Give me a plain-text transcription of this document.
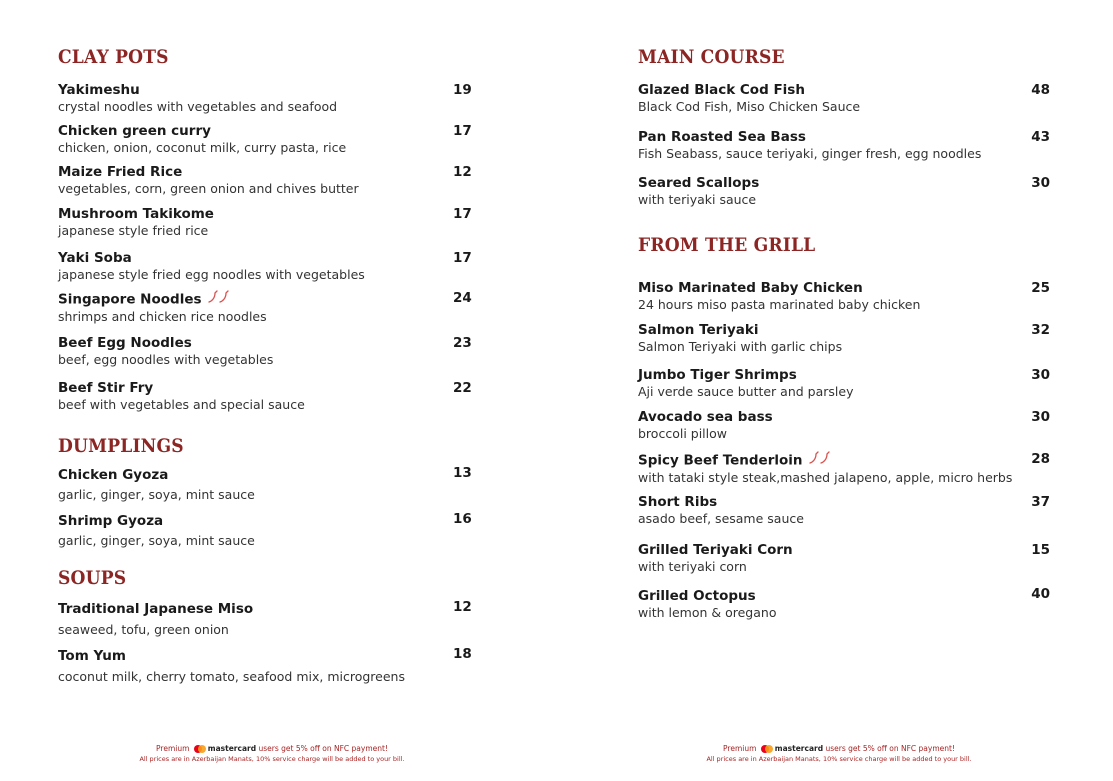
CLAY POTS
Yakimeshu
crystal noodles with vegetables and seafood
19
Chicken green curry
chicken, onion, coconut milk, curry pasta, rice
17
Maize Fried Rice
vegetables, corn, green onion and chives butter
12
Mushroom Takikome
japanese style fried rice
17
Yaki Soba
japanese style fried egg noodles with vegetables
17
Singapore Noodles
shrimps and chicken rice noodles
24
Beef Egg Noodles
beef, egg noodles with vegetables
23
Beef Stir Fry
beef with vegetables and special sauce
22
DUMPLINGS
Chicken Gyoza
garlic, ginger, soya, mint sauce
13
Shrimp Gyoza
garlic, ginger, soya, mint sauce
16
SOUPS
Traditional Japanese Miso
seaweed, tofu, green onion
12
Tom Yum
coconut milk, cherry tomato, seafood mix, microgreens
18
MAIN COURSE
Glazed Black Cod Fish
Black Cod Fish, Miso Chicken Sauce
48
Pan Roasted Sea Bass
Fish Seabass, sauce teriyaki, ginger fresh, egg noodles
43
Seared Scallops
with teriyaki sauce
30
FROM THE GRILL
Miso Marinated Baby Chicken
24 hours miso pasta marinated baby chicken
25
Salmon Teriyaki
Salmon Teriyaki with garlic chips
32
Jumbo Tiger Shrimps
Aji verde sauce butter and parsley
30
Avocado sea bass
broccoli pillow
30
Spicy Beef Tenderloin
with tataki style steak,mashed jalapeno, apple, micro herbs
28
Short Ribs
asado beef, sesame sauce
37
Grilled Teriyaki Corn
with teriyaki corn
15
Grilled Octopus
with lemon & oregano
40
Premium mastercard users get 5% off on NFC payment!
All prices are in Azerbaijan Manats, 10% service charge will be added to your bill.
Premium mastercard users get 5% off on NFC payment!
All prices are in Azerbaijan Manats, 10% service charge will be added to your bill.
